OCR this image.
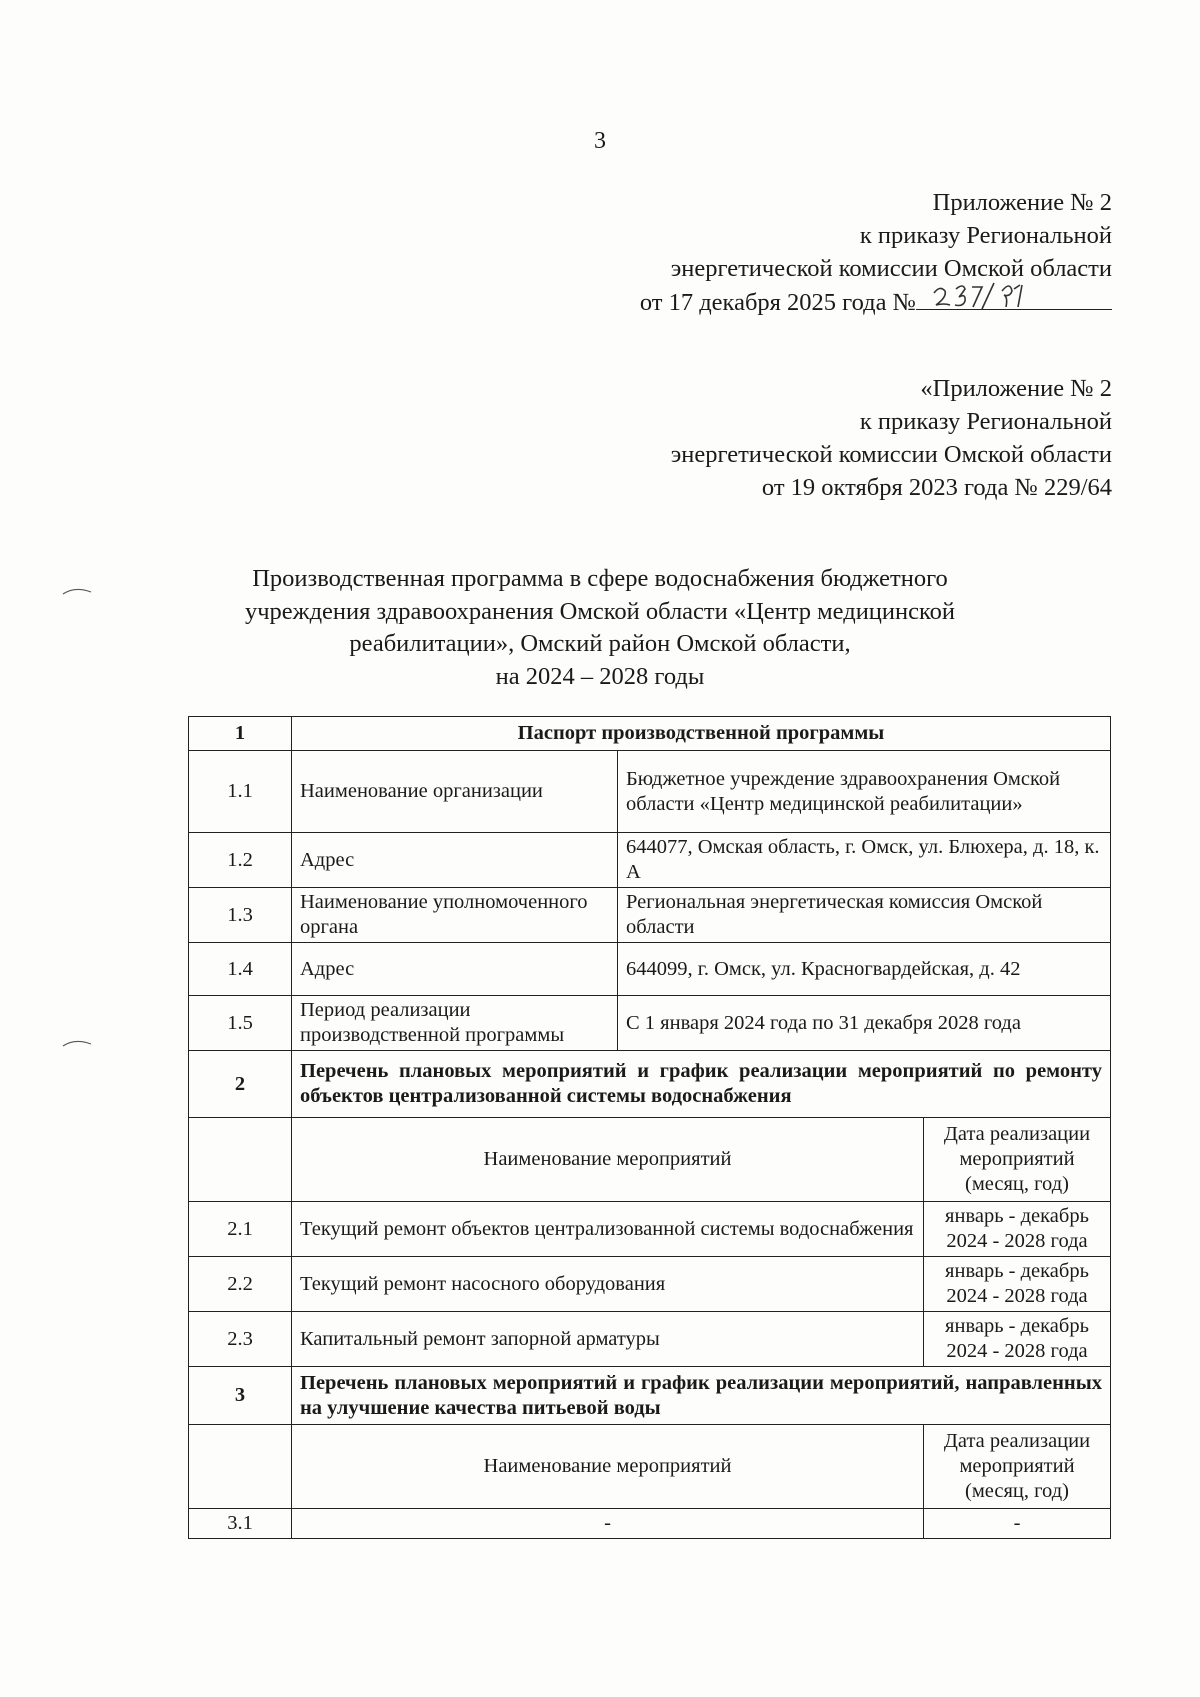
3
Приложение № 2
к приказу Региональной
энергетической комиссии Омской области
от 17 декабря 2025 года №
«Приложение № 2
к приказу Региональной
энергетической комиссии Омской области
от 19 октября 2023 года № 229/64
Производственная программа в сфере водоснабжения бюджетного
учреждения здравоохранения Омской области «Центр медицинской
реабилитации», Омский район Омской области,
на 2024 – 2028 годы
1	Паспорт производственной программы		
1.1	Наименование организации	Бюджетное учреждение здравоохранения Омской области «Центр медицинской реабилитации»	
1.2	Адрес	644077, Омская область, г. Омск, ул. Блюхера, д. 18, к. А	
1.3	Наименование уполномоченного органа	Региональная энергетическая комиссия Омской области	
1.4	Адрес	644099, г. Омск, ул. Красногвардейская, д. 42	
1.5	Период реализации производственной программы	С 1 января 2024 года по 31 декабря 2028 года	
2	Перечень плановых мероприятий и график реализации мероприятий по ремонту объектов централизованной системы водоснабжения		
	Наименование мероприятий		Дата реализации мероприятий (месяц, год)
2.1	Текущий ремонт объектов централизованной системы водоснабжения		январь - декабрь 2024 - 2028 года
2.2	Текущий ремонт насосного оборудования		январь - декабрь 2024 - 2028 года
2.3	Капитальный ремонт запорной арматуры		январь - декабрь 2024 - 2028 года
3	Перечень плановых мероприятий и график реализации мероприятий, направленных на улучшение качества питьевой воды		
	Наименование мероприятий		Дата реализации мероприятий (месяц, год)
3.1	-		-
